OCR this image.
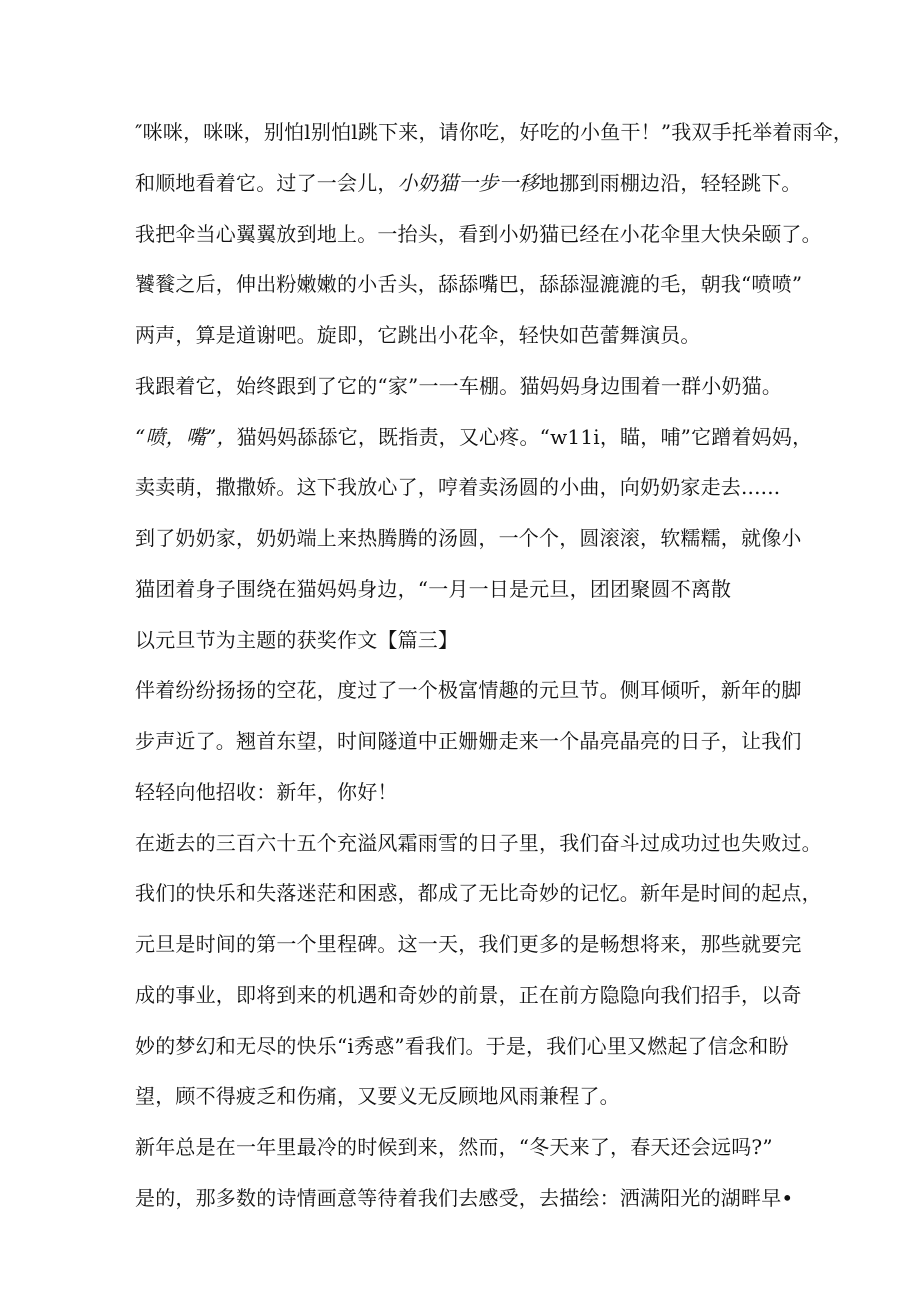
″咪咪，咪咪，别怕l别怕l跳下来，请你吃，好吃的小鱼干！”我双手托举着雨伞，
和顺地看着它。过了一会儿，小奶猫一步一移地挪到雨棚边沿，轻轻跳下。
我把伞当心翼翼放到地上。一抬头，看到小奶猫已经在小花伞里大快朵颐了。
饕餮之后，伸出粉嫩嫩的小舌头，舔舔嘴巴，舔舔湿漉漉的毛，朝我“喷喷”
两声，算是道谢吧。旋即，它跳出小花伞，轻快如芭蕾舞演员。
我跟着它，始终跟到了它的“家”一一车棚。猫妈妈身边围着一群小奶猫。
“喷，嘴”，猫妈妈舔舔它，既指责，又心疼。“w11i，瞄，哺”它蹭着妈妈，
卖卖萌，撒撒娇。这下我放心了，哼着卖汤圆的小曲，向奶奶家走去......
到了奶奶家，奶奶端上来热腾腾的汤圆，一个个，圆滚滚，软糯糯，就像小
猫团着身子围绕在猫妈妈身边，“一月一日是元旦，团团聚圆不离散
以元旦节为主题的获奖作文【篇三】
伴着纷纷扬扬的空花，度过了一个极富情趣的元旦节。侧耳倾听，新年的脚
步声近了。翘首东望，时间隧道中正姗姗走来一个晶亮晶亮的日子，让我们
轻轻向他招收：新年，你好！
在逝去的三百六十五个充溢风霜雨雪的日子里，我们奋斗过成功过也失败过。
我们的快乐和失落迷茫和困惑，都成了无比奇妙的记忆。新年是时间的起点，
元旦是时间的第一个里程碑。这一天，我们更多的是畅想将来，那些就要完
成的事业，即将到来的机遇和奇妙的前景，正在前方隐隐向我们招手，以奇
妙的梦幻和无尽的快乐“i秀惑”看我们。于是，我们心里又燃起了信念和盼
望，顾不得疲乏和伤痛，又要义无反顾地风雨兼程了。
新年总是在一年里最冷的时候到来，然而，“冬天来了，春天还会远吗?”
是的，那多数的诗情画意等待着我们去感受，去描绘：洒满阳光的湖畔早•
